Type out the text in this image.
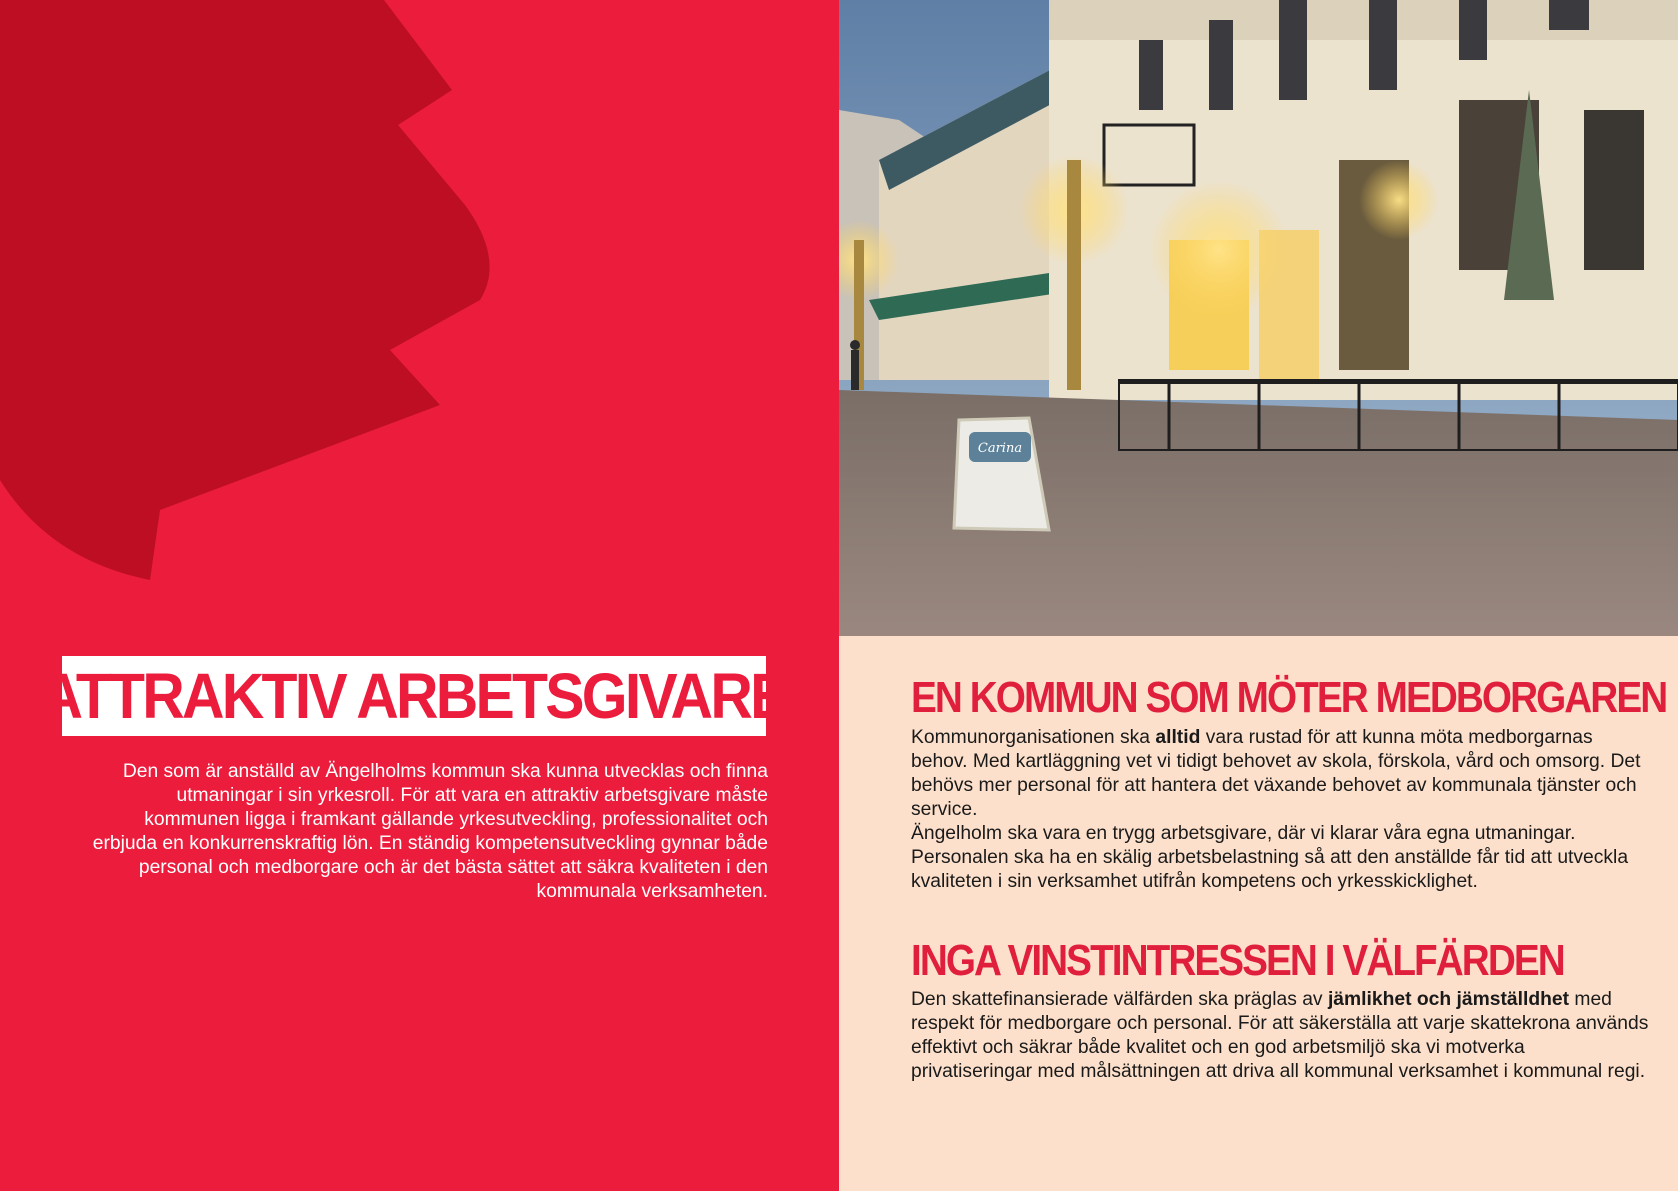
ATTRAKTIV ARBETSGIVARE

Den som är anställd av Ängelholms kommun ska kunna utvecklas och finna utmaningar i sin yrkesroll. För att vara en attraktiv arbetsgivare måste kommunen ligga i framkant gällande yrkesutveckling, professionalitet och erbjuda en konkurrenskraftig lön. En ständig kompetensutveckling gynnar både personal och medborgare och är det bästa sättet att säkra kvaliteten i den kommunala verksamheten.

Carina
EN KOMMUN SOM MÖTER MEDBORGAREN
Kommunorganisationen ska alltid vara rustad för att kunna möta medborgarnas behov. Med kartläggning vet vi tidigt behovet av skola, förskola, vård och omsorg. Det behövs mer personal för att hantera det växande behovet av kommunala tjänster och service.
Ängelholm ska vara en trygg arbetsgivare, där vi klarar våra egna utmaningar. Personalen ska ha en skälig arbetsbelastning så att den anställde får tid att utveckla kvaliteten i sin verksamhet utifrån kompetens och yrkesskicklighet.
INGA VINSTINTRESSEN I VÄLFÄRDEN
Den skattefinansierade välfärden ska präglas av jämlikhet och jämställdhet med respekt för medborgare och personal. För att säkerställa att varje skattekrona används effektivt och säkrar både kvalitet och en god arbetsmiljö ska vi motverka privatiseringar med målsättningen att driva all kommunal verksamhet i kommunal regi.
